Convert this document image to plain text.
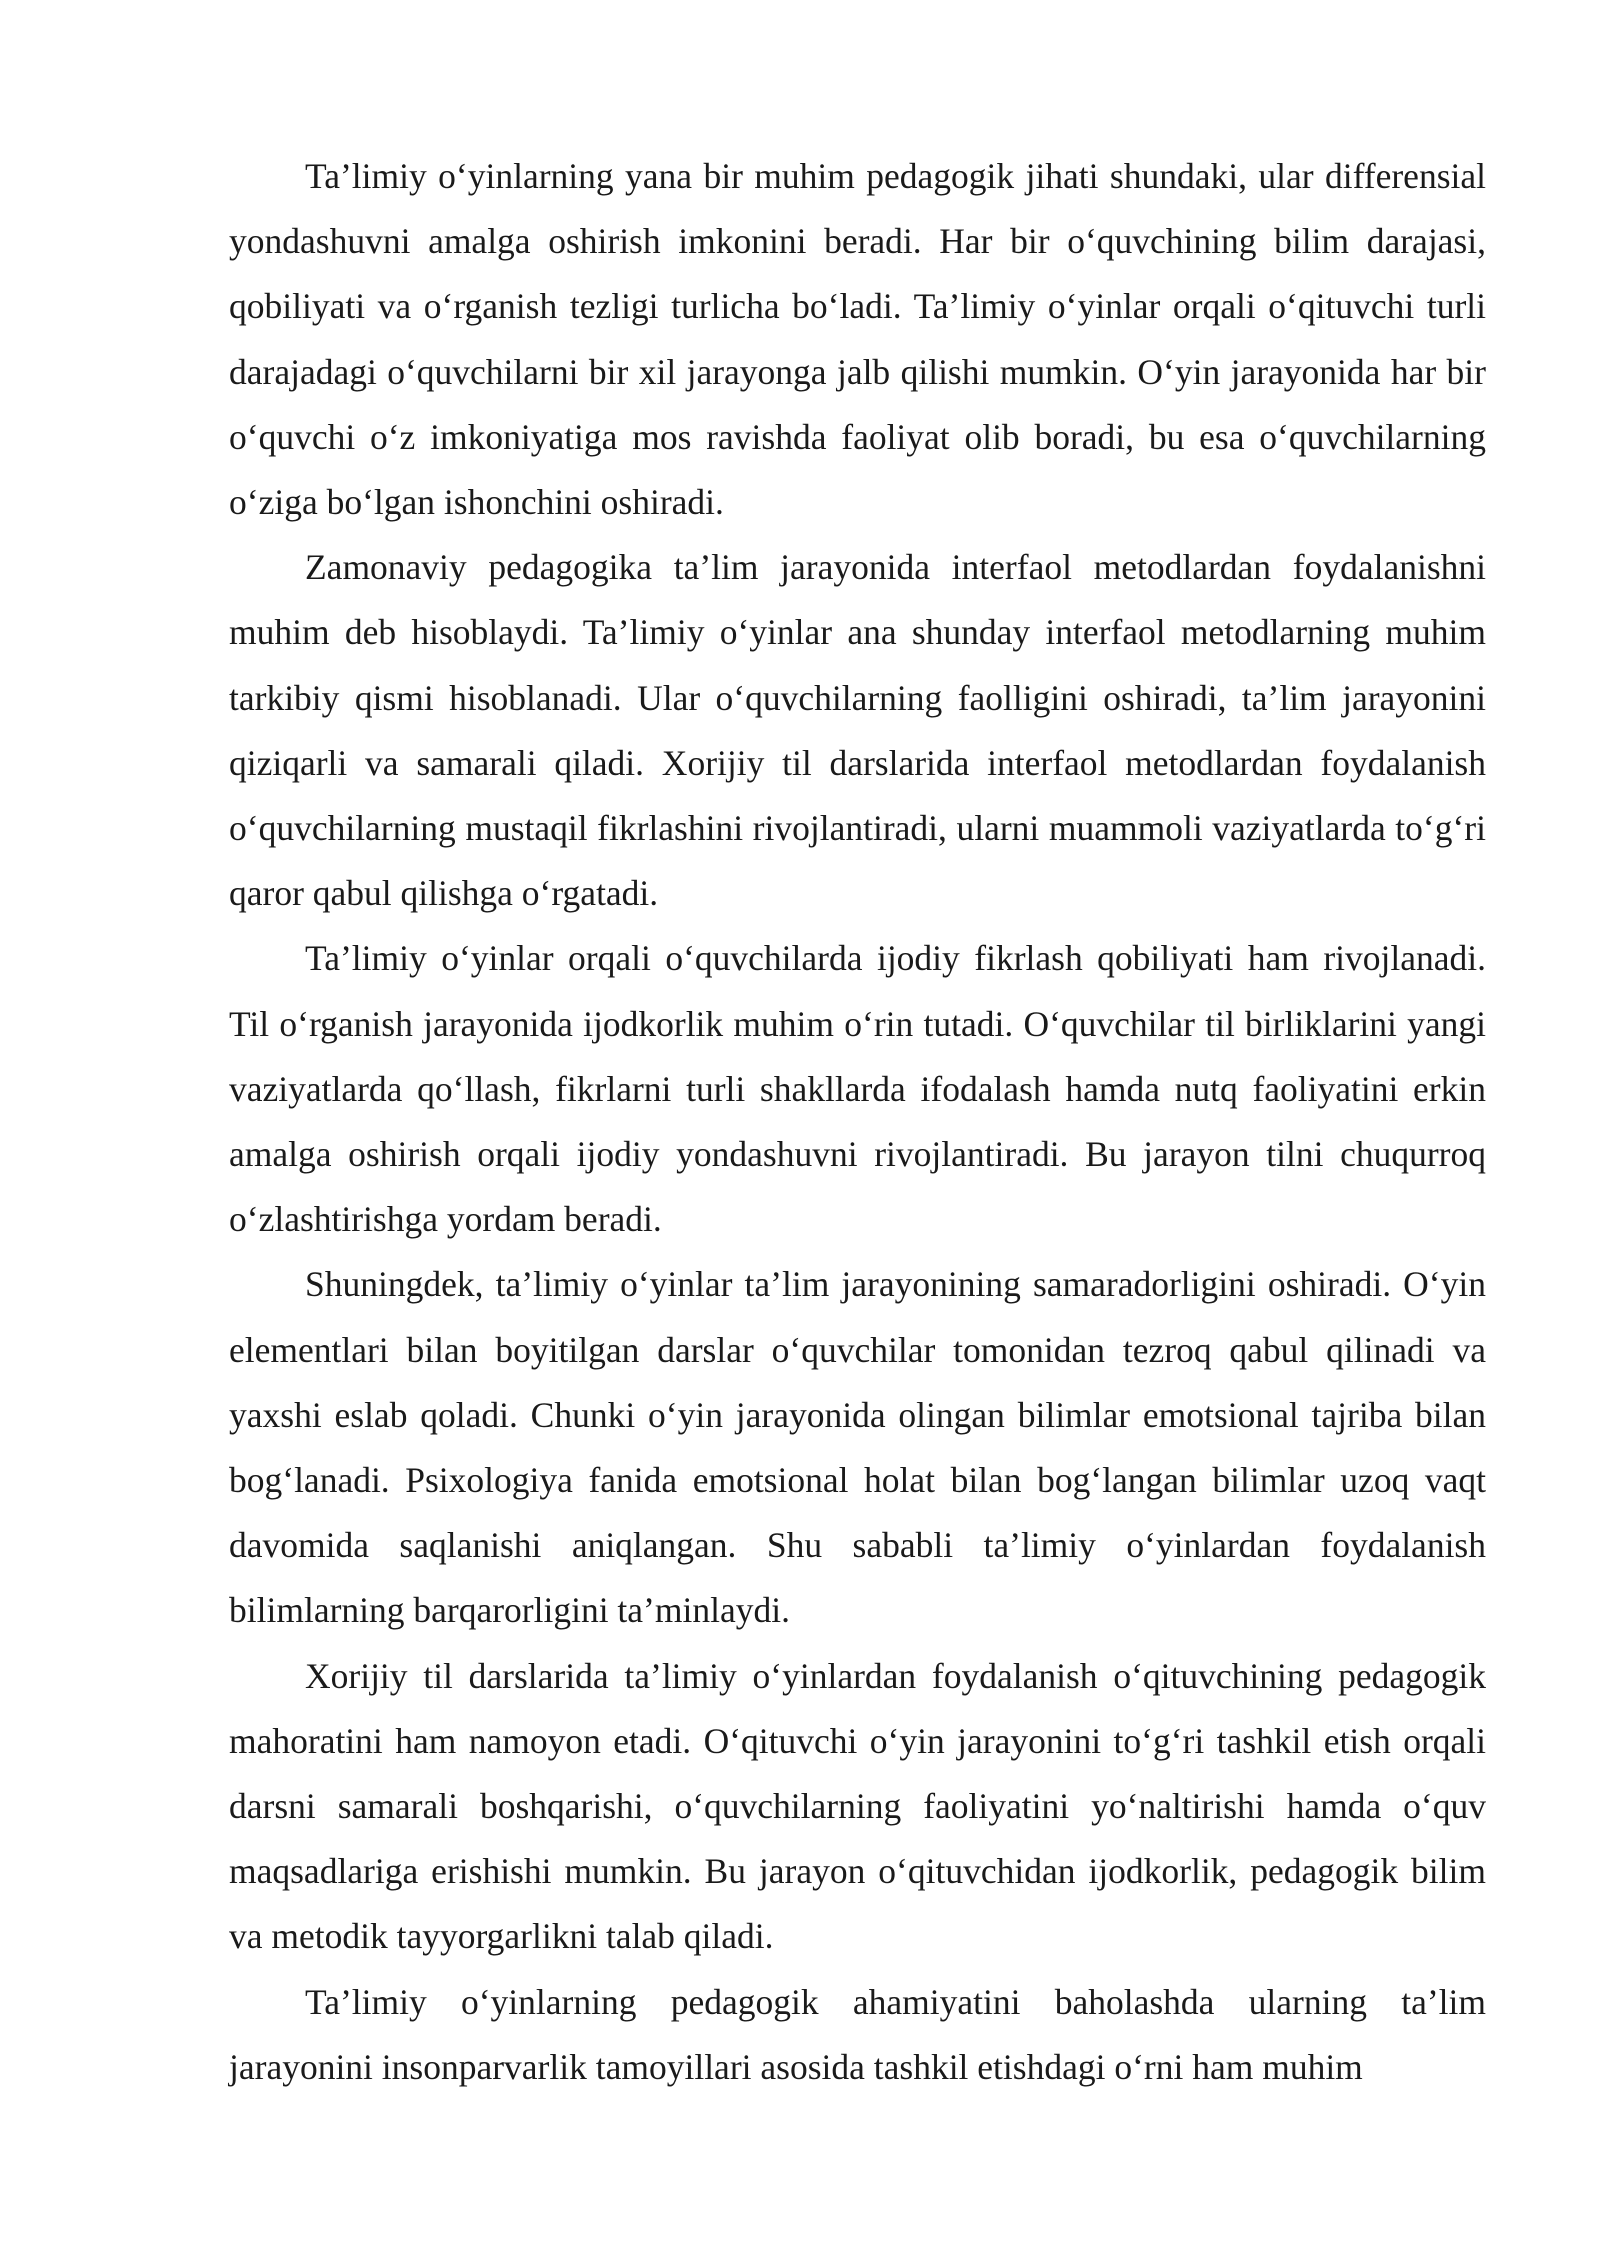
Ta’limiy o‘yinlarning yana bir muhim pedagogik jihati shundaki, ular differensial yondashuvni amalga oshirish imkonini beradi. Har bir o‘quvchining bilim darajasi, qobiliyati va o‘rganish tezligi turlicha bo‘ladi. Ta’limiy o‘yinlar orqali o‘qituvchi turli darajadagi o‘quvchilarni bir xil jarayonga jalb qilishi mumkin. O‘yin jarayonida har bir o‘quvchi o‘z imkoniyatiga mos ravishda faoliyat olib boradi, bu esa o‘quvchilarning o‘ziga bo‘lgan ishonchini oshiradi.

Zamonaviy pedagogika ta’lim jarayonida interfaol metodlardan foydalanishni muhim deb hisoblaydi. Ta’limiy o‘yinlar ana shunday interfaol metodlarning muhim tarkibiy qismi hisoblanadi. Ular o‘quvchilarning faolligini oshiradi, ta’lim jarayonini qiziqarli va samarali qiladi. Xorijiy til darslarida interfaol metodlardan foydalanish o‘quvchilarning mustaqil fikrlashini rivojlantiradi, ularni muammoli vaziyatlarda to‘g‘ri qaror qabul qilishga o‘rgatadi.

Ta’limiy o‘yinlar orqali o‘quvchilarda ijodiy fikrlash qobiliyati ham rivojlanadi. Til o‘rganish jarayonida ijodkorlik muhim o‘rin tutadi. O‘quvchilar til birliklarini yangi vaziyatlarda qo‘llash, fikrlarni turli shakllarda ifodalash hamda nutq faoliyatini erkin amalga oshirish orqali ijodiy yondashuvni rivojlantiradi. Bu jarayon tilni chuqurroq o‘zlashtirishga yordam beradi.

Shuningdek, ta’limiy o‘yinlar ta’lim jarayonining samaradorligini oshiradi. O‘yin elementlari bilan boyitilgan darslar o‘quvchilar tomonidan tezroq qabul qilinadi va yaxshi eslab qoladi. Chunki o‘yin jarayonida olingan bilimlar emotsional tajriba bilan bog‘lanadi. Psixologiya fanida emotsional holat bilan bog‘langan bilimlar uzoq vaqt davomida saqlanishi aniqlangan. Shu sababli ta’limiy o‘yinlardan foydalanish bilimlarning barqarorligini ta’minlaydi.

Xorijiy til darslarida ta’limiy o‘yinlardan foydalanish o‘qituvchining pedagogik mahoratini ham namoyon etadi. O‘qituvchi o‘yin jarayonini to‘g‘ri tashkil etish orqali darsni samarali boshqarishi, o‘quvchilarning faoliyatini yo‘naltirishi hamda o‘quv maqsadlariga erishishi mumkin. Bu jarayon o‘qituvchidan ijodkorlik, pedagogik bilim va metodik tayyorgarlikni talab qiladi.

Ta’limiy o‘yinlarning pedagogik ahamiyatini baholashda ularning ta’lim jarayonini insonparvarlik tamoyillari asosida tashkil etishdagi o‘rni ham muhim
